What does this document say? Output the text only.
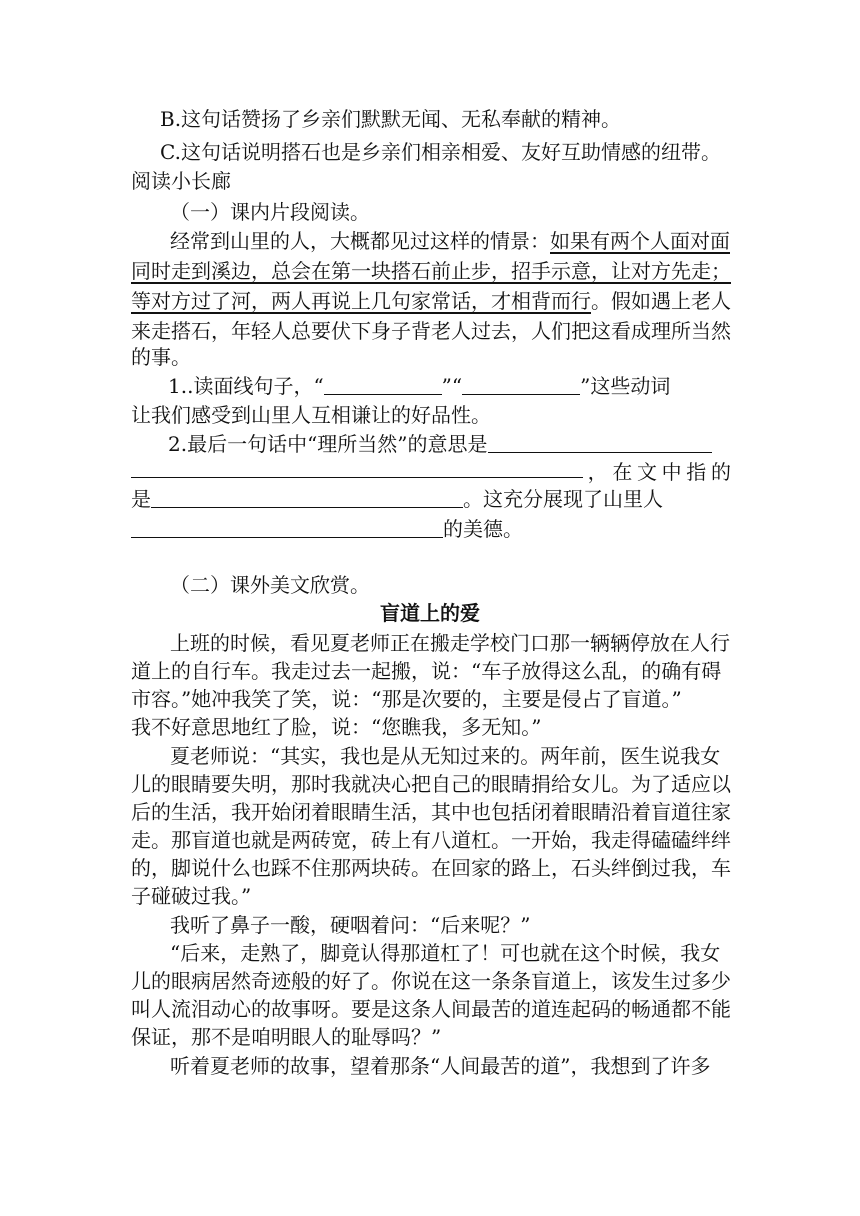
B.这句话赞扬了乡亲们默默无闻、无私奉献的精神。
C.这句话说明搭石也是乡亲们相亲相爱、友好互助情感的纽带。
阅读小长廊
（一）课内片段阅读。
经常到山里的人，大概都见过这样的情景：如果有两个人面对面
同时走到溪边，总会在第一块搭石前止步，招手示意，让对方先走；
等对方过了河，两人再说上几句家常话，才相背而行。假如遇上老人
来走搭石，年轻人总要伏下身子背老人过去，人们把这看成理所当然
的事。
1..读面线句子，“	”“	”这些动词
让我们感受到山里人互相谦让的好品性。
2.最后一句话中“理所当然”的意思是
， 在 文 中 指 的
是	。这充分展现了山里人
的美德。
（二）课外美文欣赏。
盲道上的爱
上班的时候，看见夏老师正在搬走学校门口那一辆辆停放在人行
道上的自行车。我走过去一起搬，说：“车子放得这么乱，的确有碍
市容。”她冲我笑了笑，说：“那是次要的，主要是侵占了盲道。”
我不好意思地红了脸，说：“您瞧我，多无知。”
夏老师说：“其实，我也是从无知过来的。两年前，医生说我女
儿的眼睛要失明，那时我就决心把自己的眼睛捐给女儿。为了适应以
后的生活，我开始闭着眼睛生活，其中也包括闭着眼睛沿着盲道往家
走。那盲道也就是两砖宽，砖上有八道杠。一开始，我走得磕磕绊绊
的，脚说什么也踩不住那两块砖。在回家的路上，石头绊倒过我，车
子碰破过我。”
我听了鼻子一酸，硬咽着问：“后来呢？”
“后来，走熟了，脚竟认得那道杠了！可也就在这个时候，我女
儿的眼病居然奇迹般的好了。你说在这一条条盲道上，该发生过多少
叫人流泪动心的故事呀。要是这条人间最苦的道连起码的畅通都不能
保证，那不是咱明眼人的耻辱吗？”
听着夏老师的故事，望着那条“人间最苦的道”，我想到了许多
